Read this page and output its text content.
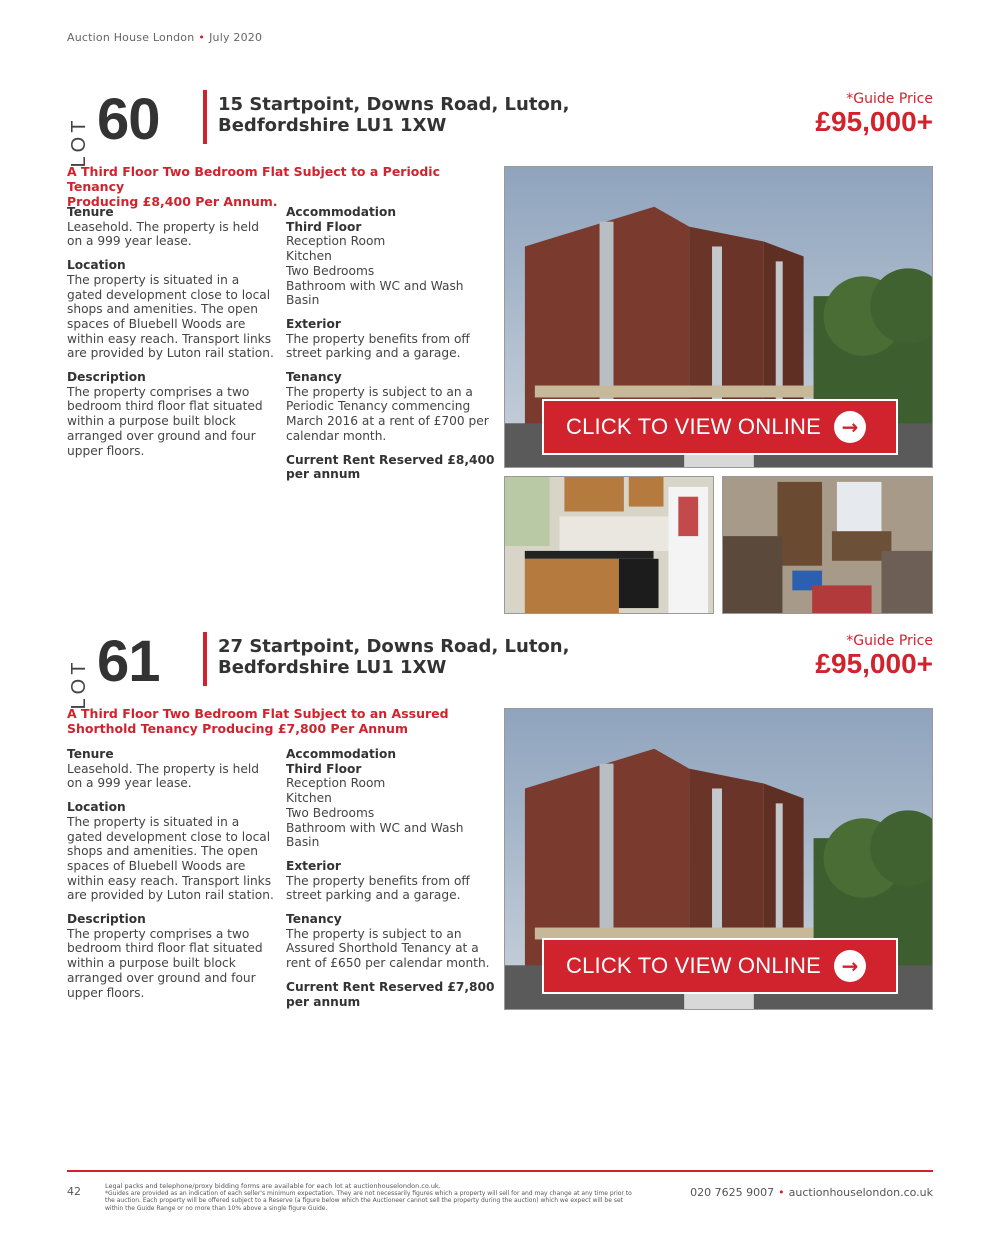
Auction House London • July 2020
LOT 60	15 Startpoint, Downs Road, Luton,
Bedfordshire LU1 1XW
*Guide Price
£95,000+
A Third Floor Two Bedroom Flat Subject to a Periodic Tenancy
Producing £8,400 Per Annum.
Tenure

Leasehold. The property is held on a 999 year lease.

Location

The property is situated in a gated development close to local shops and amenities. The open spaces of Bluebell Woods are within easy reach. Transport links are provided by Luton rail station.

Description

The property comprises a two bedroom third floor flat situated within a purpose built block arranged over ground and four upper floors.

Accommodation
Third Floor
Reception Room
Kitchen
Two Bedrooms
Bathroom with WC and Wash Basin
Exterior

The property benefits from off street parking and a garage.

Tenancy

The property is subject to an a Periodic Tenancy commencing March 2016 at a rent of £700 per calendar month.

Current Rent Reserved £8,400 per annum

CLICK TO VIEW ONLINE	→
LOT 61	27 Startpoint, Downs Road, Luton,
Bedfordshire LU1 1XW
*Guide Price
£95,000+
A Third Floor Two Bedroom Flat Subject to an Assured
Shorthold Tenancy Producing £7,800 Per Annum
Tenure

Leasehold. The property is held on a 999 year lease.

Location

The property is situated in a gated development close to local shops and amenities. The open spaces of Bluebell Woods are within easy reach. Transport links are provided by Luton rail station.

Description

The property comprises a two bedroom third floor flat situated within a purpose built block arranged over ground and four upper floors.

Accommodation
Third Floor
Reception Room
Kitchen
Two Bedrooms
Bathroom with WC and Wash Basin
Exterior

The property benefits from off street parking and a garage.

Tenancy

The property is subject to an Assured Shorthold Tenancy at a rent of £650 per calendar month.

Current Rent Reserved £7,800 per annum

CLICK TO VIEW ONLINE	→
42	Legal packs and telephone/proxy bidding forms are available for each lot at auctionhouselondon.co.uk.
*Guides are provided as an indication of each seller's minimum expectation. They are not necessarily figures which a property will sell for and may change at any time prior to the auction. Each property will be offered subject to a Reserve (a figure below which the Auctioneer cannot sell the property during the auction) which we expect will be set within the Guide Range or no more than 10% above a single figure Guide.
020 7625 9007 • auctionhouselondon.co.uk
